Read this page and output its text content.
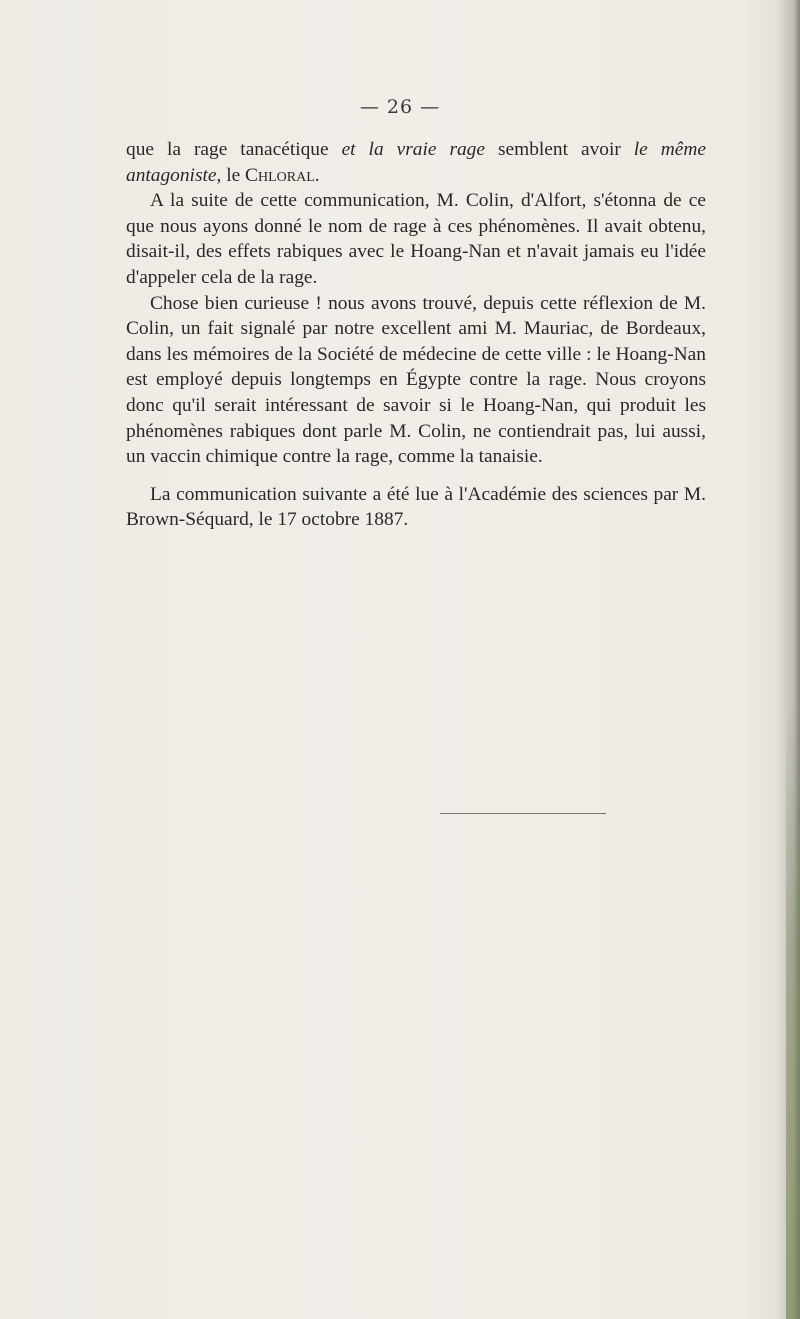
— 26 —

que la rage tanacétique et la vraie rage semblent avoir le même antagoniste, le Chloral.

A la suite de cette communication, M. Colin, d'Alfort, s'étonna de ce que nous ayons donné le nom de rage à ces phénomènes. Il avait obtenu, disait-il, des effets rabiques avec le Hoang-Nan et n'avait jamais eu l'idée d'appeler cela de la rage.

Chose bien curieuse ! nous avons trouvé, depuis cette réflexion de M. Colin, un fait signalé par notre excellent ami M. Mauriac, de Bordeaux, dans les mémoires de la Société de médecine de cette ville : le Hoang-Nan est employé depuis longtemps en Égypte contre la rage. Nous croyons donc qu'il serait intéressant de savoir si le Hoang-Nan, qui produit les phénomènes rabiques dont parle M. Colin, ne contiendrait pas, lui aussi, un vaccin chimique contre la rage, comme la tanaisie.

La communication suivante a été lue à l'Académie des sciences par M. Brown-Séquard, le 17 octobre 1887.
